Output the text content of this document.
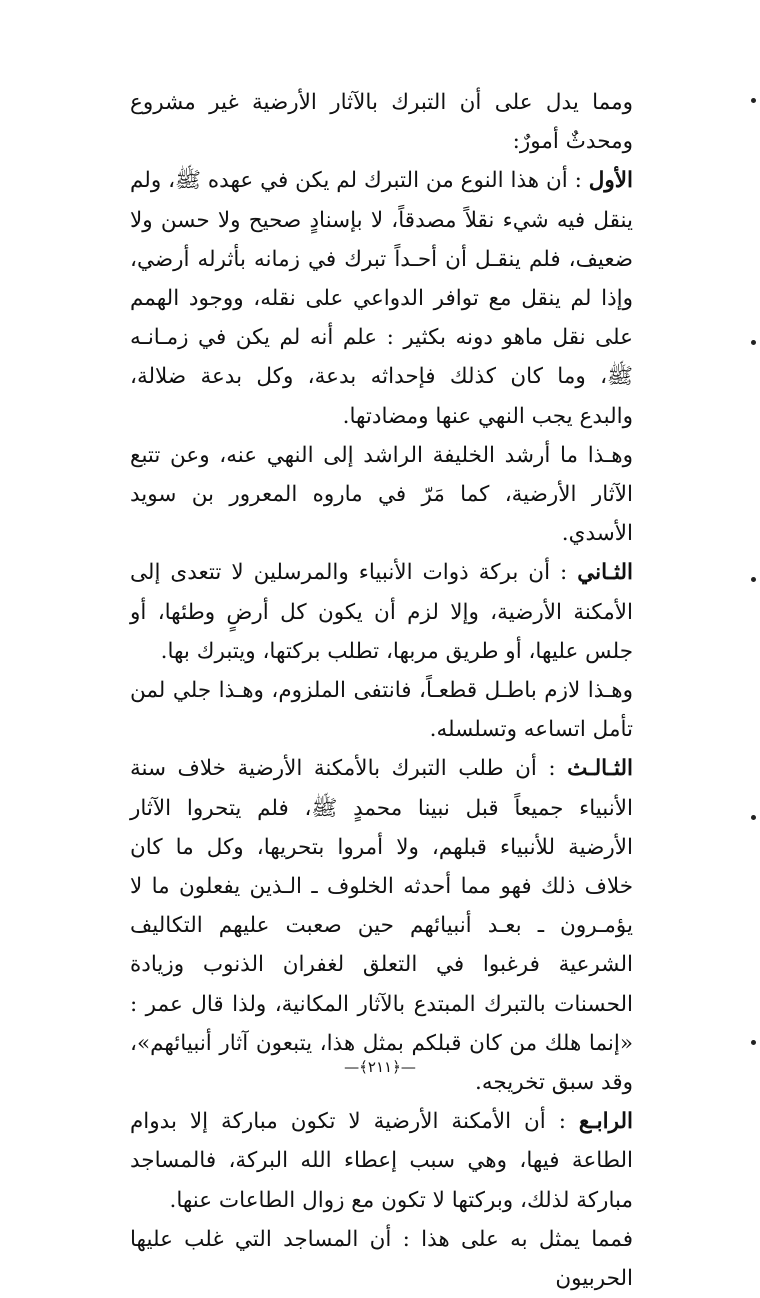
ومما يدل على أن التبرك بالآثار الأرضية غير مشروع ومحدثٌ أمورٌ:

الأول : أن هذا النوع من التبرك لم يكن في عهده ﷺ، ولم ينقل فيه شيء نقلاً مصدقاً، لا بإسنادٍ صحيح ولا حسن ولا ضعيف، فلم ينقـل أن أحـداً تبرك في زمانه بأثرله أرضي، وإذا لم ينقل مع توافر الدواعي على نقله، ووجود الهمم على نقل ماهو دونه بكثير : علم أنه لم يكن في زمـانـه ﷺ، وما كان كذلك فإحداثه بدعة، وكل بدعة ضلالة، والبدع يجب النهي عنها ومضادتها.

وهـذا ما أرشد الخليفة الراشد إلى النهي عنه، وعن تتبع الآثار الأرضية، كما مَرّ في ماروه المعرور بن سويد الأسدي.

الثـاني : أن بركة ذوات الأنبياء والمرسلين لا تتعدى إلى الأمكنة الأرضية، وإلا لزم أن يكون كل أرضٍ وطئها، أو جلس عليها، أو طريق مربها، تطلب بركتها، ويتبرك بها.

وهـذا لازم باطـل قطعـاً، فانتفى الملزوم، وهـذا جلي لمن تأمل اتساعه وتسلسله.

الثـالـث : أن طلب التبرك بالأمكنة الأرضية خلاف سنة الأنبياء جميعاً قبل نبينا محمدٍ ﷺ، فلم يتحروا الآثار الأرضية للأنبياء قبلهم، ولا أمروا بتحريها، وكل ما كان خلاف ذلك فهو مما أحدثه الخلوف ـ الـذين يفعلون ما لا يؤمـرون ـ بعـد أنبيائهم حين صعبت عليهم التكاليف الشرعية فرغبوا في التعلق لغفران الذنوب وزيادة الحسنات بالتبرك المبتدع بالآثار المكانية، ولذا قال عمر : «إنما هلك من كان قبلكم بمثل هذا، يتبعون آثار أنبيائهم»، وقد سبق تخريجه.

الرابـع : أن الأمكنة الأرضية لا تكون مباركة إلا بدوام الطاعة فيها، وهي سبب إعطاء الله البركة، فالمساجد مباركة لذلك، وبركتها لا تكون مع زوال الطاعات عنها.

فمما يمثل به على هذا : أن المساجد التي غلب عليها الحربيون

—﴿٢١١﴾—
